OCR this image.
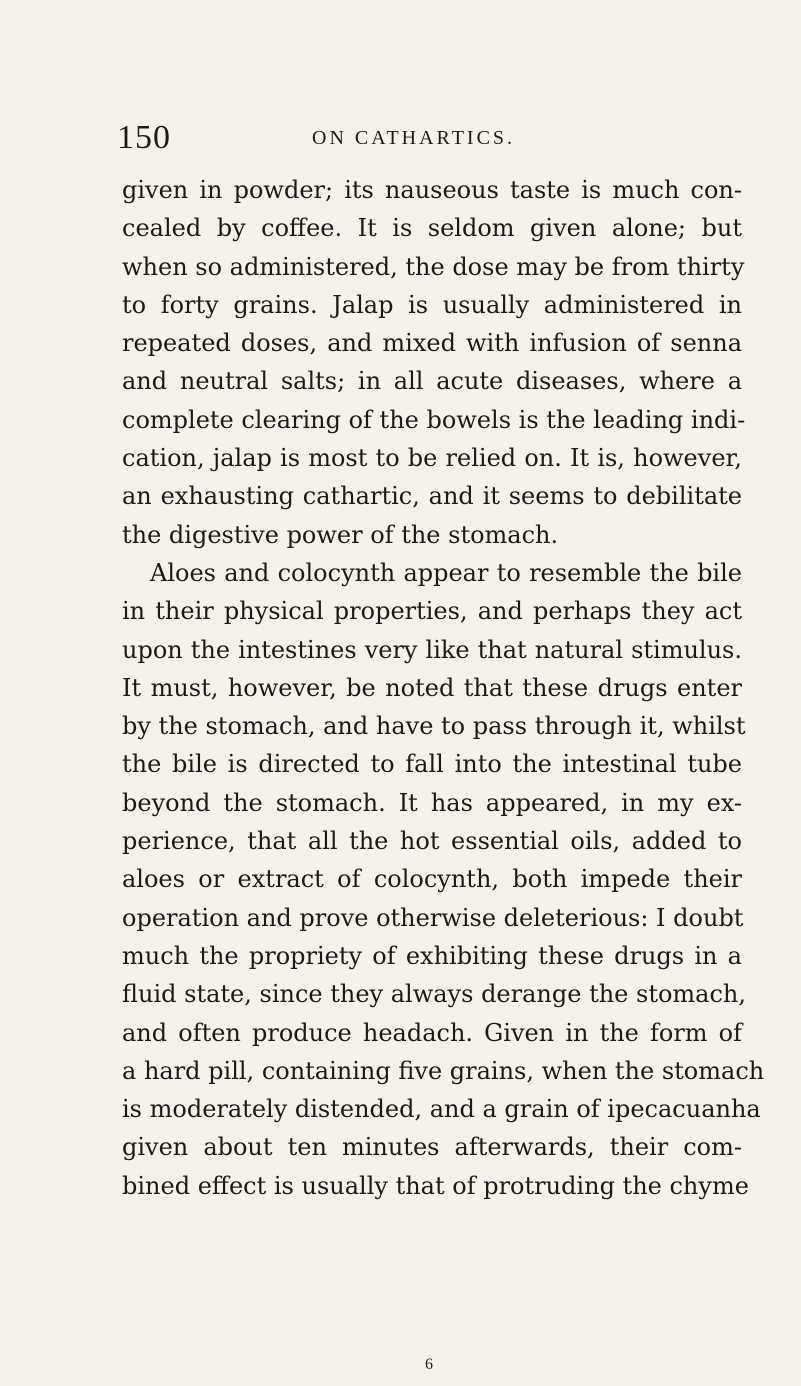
150	ON CATHARTICS.
given in powder; its nauseous taste is much con-
cealed by coffee. It is seldom given alone; but
when so administered, the dose may be from thirty
to forty grains. Jalap is usually administered in
repeated doses, and mixed with infusion of senna
and neutral salts; in all acute diseases, where a
complete clearing of the bowels is the leading indi-
cation, jalap is most to be relied on. It is, however,
an exhausting cathartic, and it seems to debilitate
the digestive power of the stomach.
Aloes and colocynth appear to resemble the bile
in their physical properties, and perhaps they act
upon the intestines very like that natural stimulus.
It must, however, be noted that these drugs enter
by the stomach, and have to pass through it, whilst
the bile is directed to fall into the intestinal tube
beyond the stomach. It has appeared, in my ex-
perience, that all the hot essential oils, added to
aloes or extract of colocynth, both impede their
operation and prove otherwise deleterious: I doubt
much the propriety of exhibiting these drugs in a
fluid state, since they always derange the stomach,
and often produce headach. Given in the form of
a hard pill, containing five grains, when the stomach
is moderately distended, and a grain of ipecacuanha
given about ten minutes afterwards, their com-
bined effect is usually that of protruding the chyme
6
